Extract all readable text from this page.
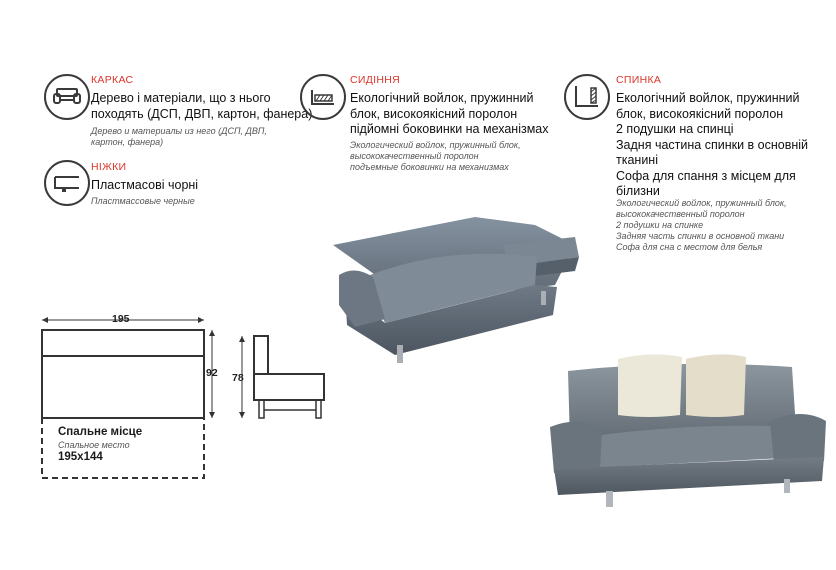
КАРКАС
Дерево і матеріали, що з нього
походять (ДСП, ДВП, картон, фанера)
Дерево и материалы из него (ДСП, ДВП,
картон, фанера)
НІЖКИ
Пластмасові чорні
Пластмассовые черные
СИДІННЯ
Екологічний войлок, пружинний
блок, високоякісний поролон
підйомні боковинки на механізмах
Экологический войлок, пружинный блок,
высококачественный поролон
подъемные боковинки на механизмах
СПИНКА
Екологічний войлок, пружинний
блок, високоякісний поролон
2 подушки на спинці
Задня частина спинки в основній
тканині
Софа для спання з місцем для
білизни
Экологический войлок, пружинный блок,
высококачественный поролон
2 подушки на спинке
Задняя часть спинки в основной ткани
Софа для сна с местом для белья
195
92 78
Спальне місце
Спальное место
195x144
